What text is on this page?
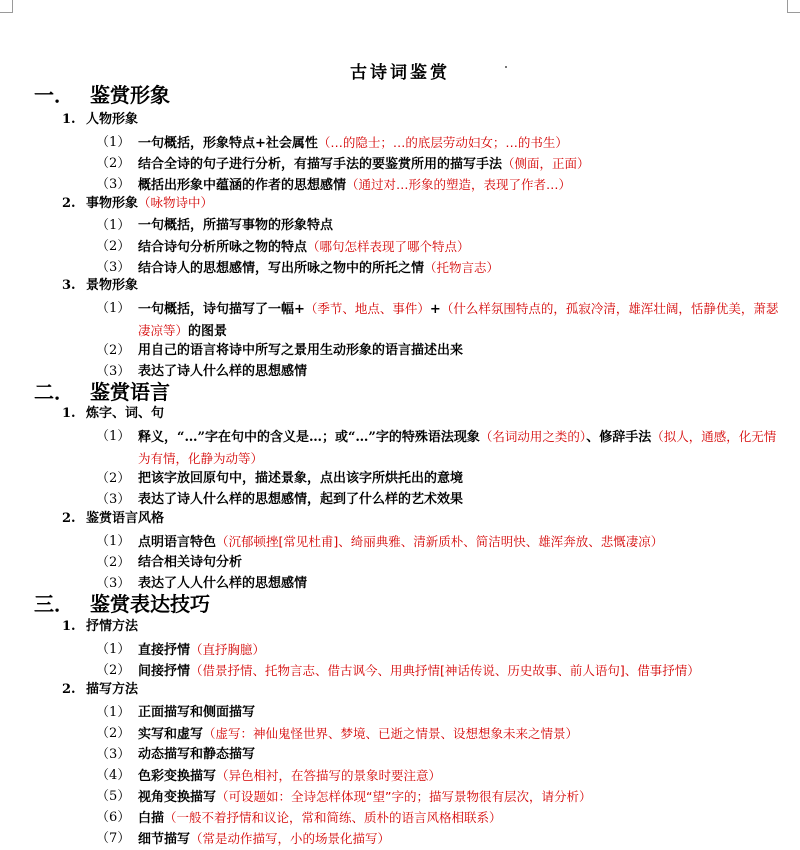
古诗词鉴赏
一． 鉴赏形象
1. 人物形象
（1） 一句概括，形象特点+社会属性（…的隐士；…的底层劳动妇女；…的书生）
（2） 结合全诗的句子进行分析，有描写手法的要鉴赏所用的描写手法（侧面，正面）
（3） 概括出形象中蕴涵的作者的思想感情（通过对…形象的塑造，表现了作者…）
2. 事物形象（咏物诗中）
（1） 一句概括，所描写事物的形象特点
（2） 结合诗句分析所咏之物的特点（哪句怎样表现了哪个特点）
（3） 结合诗人的思想感情，写出所咏之物中的所托之情（托物言志）
3. 景物形象
（1） 一句概括，诗句描写了一幅+（季节、地点、事件）+（什么样氛围特点的，孤寂冷清，雄浑壮阔，恬静优美，萧瑟凄凉等）的图景
（2） 用自己的语言将诗中所写之景用生动形象的语言描述出来
（3） 表达了诗人什么样的思想感情
二． 鉴赏语言
1. 炼字、词、句
（1） 释义，“…”字在句中的含义是…；或“…”字的特殊语法现象（名词动用之类的）、修辞手法（拟人，通感，化无情为有情，化静为动等）
（2） 把该字放回原句中，描述景象，点出该字所烘托出的意境
（3） 表达了诗人什么样的思想感情，起到了什么样的艺术效果
2. 鉴赏语言风格
（1） 点明语言特色（沉郁顿挫[常见杜甫]、绮丽典雅、清新质朴、简洁明快、雄浑奔放、悲慨凄凉）
（2） 结合相关诗句分析
（3） 表达了人人什么样的思想感情
三． 鉴赏表达技巧
1. 抒情方法
（1） 直接抒情（直抒胸臆）
（2） 间接抒情（借景抒情、托物言志、借古讽今、用典抒情[神话传说、历史故事、前人语句]、借事抒情）
2. 描写方法
（1） 正面描写和侧面描写
（2） 实写和虚写（虚写：神仙鬼怪世界、梦境、已逝之情景、设想想象未来之情景）
（3） 动态描写和静态描写
（4） 色彩变换描写（异色相衬，在答描写的景象时要注意）
（5） 视角变换描写（可设题如：全诗怎样体现“望”字的；描写景物很有层次，请分析）
（6） 白描（一般不着抒情和议论，常和简练、质朴的语言风格相联系）
（7） 细节描写（常是动作描写，小的场景化描写）
